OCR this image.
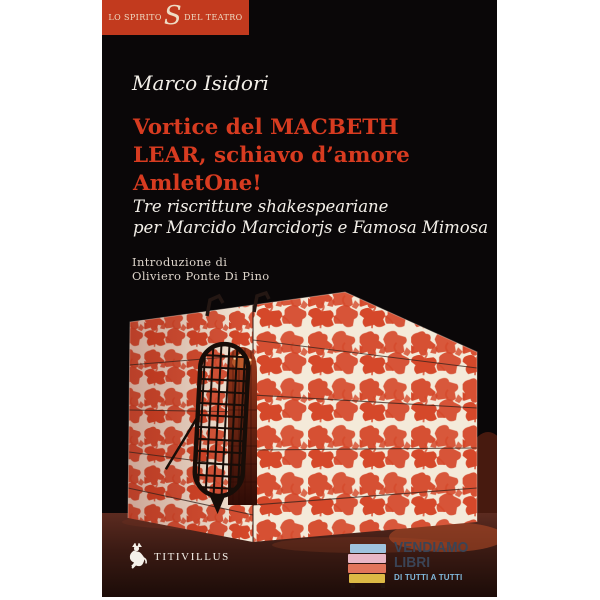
LO SPIRITO S DEL TEATRO
Marco Isidori
Vortice del MACBETH
LEAR, schiavo d’amore
AmletOne!
Tre riscritture shakespeariane
per Marcido Marcidorjs e Famosa Mimosa
Introduzione di
Oliviero Ponte Di Pino
TITIVILLUS
VENDIAMO
LIBRI
DI TUTTI A TUTTI
